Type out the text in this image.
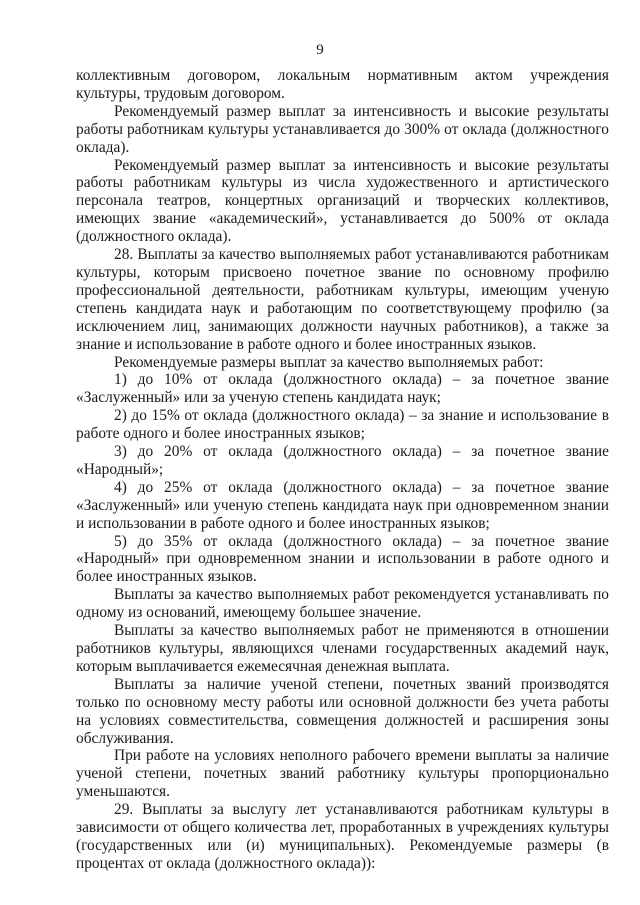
9

коллективным договором, локальным нормативным актом учреждения культуры, трудовым договором.

Рекомендуемый размер выплат за интенсивность и высокие результаты работы работникам культуры устанавливается до 300% от оклада (должностного оклада).

Рекомендуемый размер выплат за интенсивность и высокие результаты работы работникам культуры из числа художественного и артистического персонала театров, концертных организаций и творческих коллективов, имеющих звание «академический», устанавливается до 500% от оклада (должностного оклада).

28. Выплаты за качество выполняемых работ устанавливаются работникам культуры, которым присвоено почетное звание по основному профилю профессиональной деятельности, работникам культуры, имеющим ученую степень кандидата наук и работающим по соответствующему профилю (за исключением лиц, занимающих должности научных работников), а также за знание и использование в работе одного и более иностранных языков.

Рекомендуемые размеры выплат за качество выполняемых работ:

1) до 10% от оклада (должностного оклада) – за почетное звание «Заслуженный» или за ученую степень кандидата наук;

2) до 15% от оклада (должностного оклада) – за знание и использование в работе одного и более иностранных языков;

3) до 20% от оклада (должностного оклада) – за почетное звание «Народный»;

4) до 25% от оклада (должностного оклада) – за почетное звание «Заслуженный» или ученую степень кандидата наук при одновременном знании и использовании в работе одного и более иностранных языков;

5) до 35% от оклада (должностного оклада) – за почетное звание «Народный» при одновременном знании и использовании в работе одного и более иностранных языков.

Выплаты за качество выполняемых работ рекомендуется устанавливать по одному из оснований, имеющему большее значение.

Выплаты за качество выполняемых работ не применяются в отношении работников культуры, являющихся членами государственных академий наук, которым выплачивается ежемесячная денежная выплата.

Выплаты за наличие ученой степени, почетных званий производятся только по основному месту работы или основной должности без учета работы на условиях совместительства, совмещения должностей и расширения зоны обслуживания.

При работе на условиях неполного рабочего времени выплаты за наличие ученой степени, почетных званий работнику культуры пропорционально уменьшаются.

29. Выплаты за выслугу лет устанавливаются работникам культуры в зависимости от общего количества лет, проработанных в учреждениях культуры (государственных или (и) муниципальных). Рекомендуемые размеры (в процентах от оклада (должностного оклада)):
